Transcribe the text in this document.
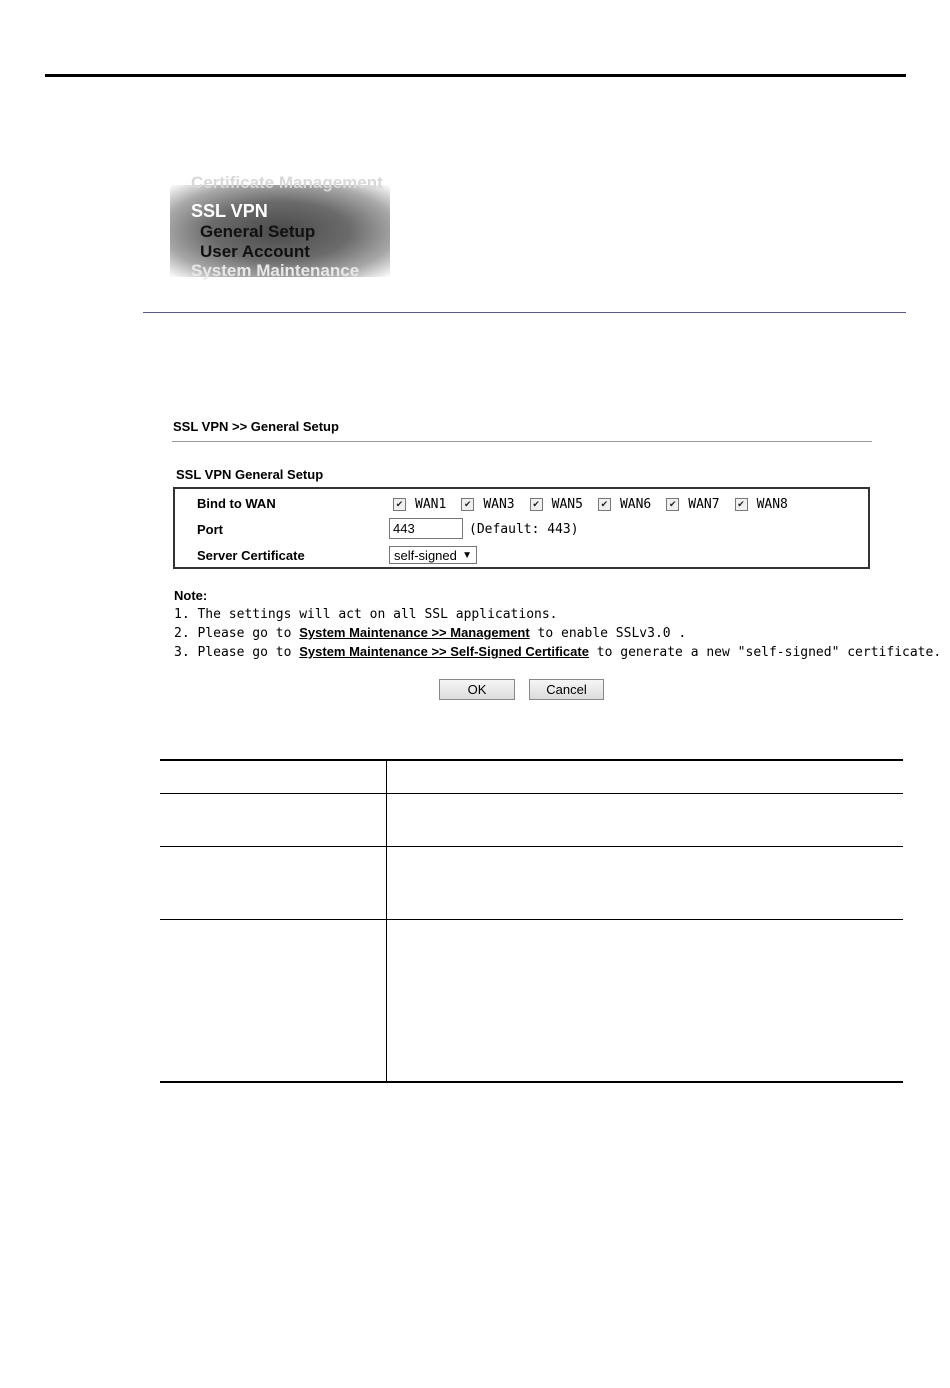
Certificate Management
SSL VPN
General Setup
User Account
System Maintenance
SSL VPN >> General Setup
SSL VPN General Setup
Bind to WAN	✔ WAN1	✔ WAN3	✔ WAN5	✔ WAN6	✔ WAN7	✔ WAN8
Port	443	(Default: 443)
Server Certificate	self-signed ▼
Note:
1. The settings will act on all SSL applications.
2. Please go to System Maintenance >> Management to enable SSLv3.0 .
3. Please go to System Maintenance >> Self-Signed Certificate to generate a new "self-signed" certificate.
OK	Cancel
